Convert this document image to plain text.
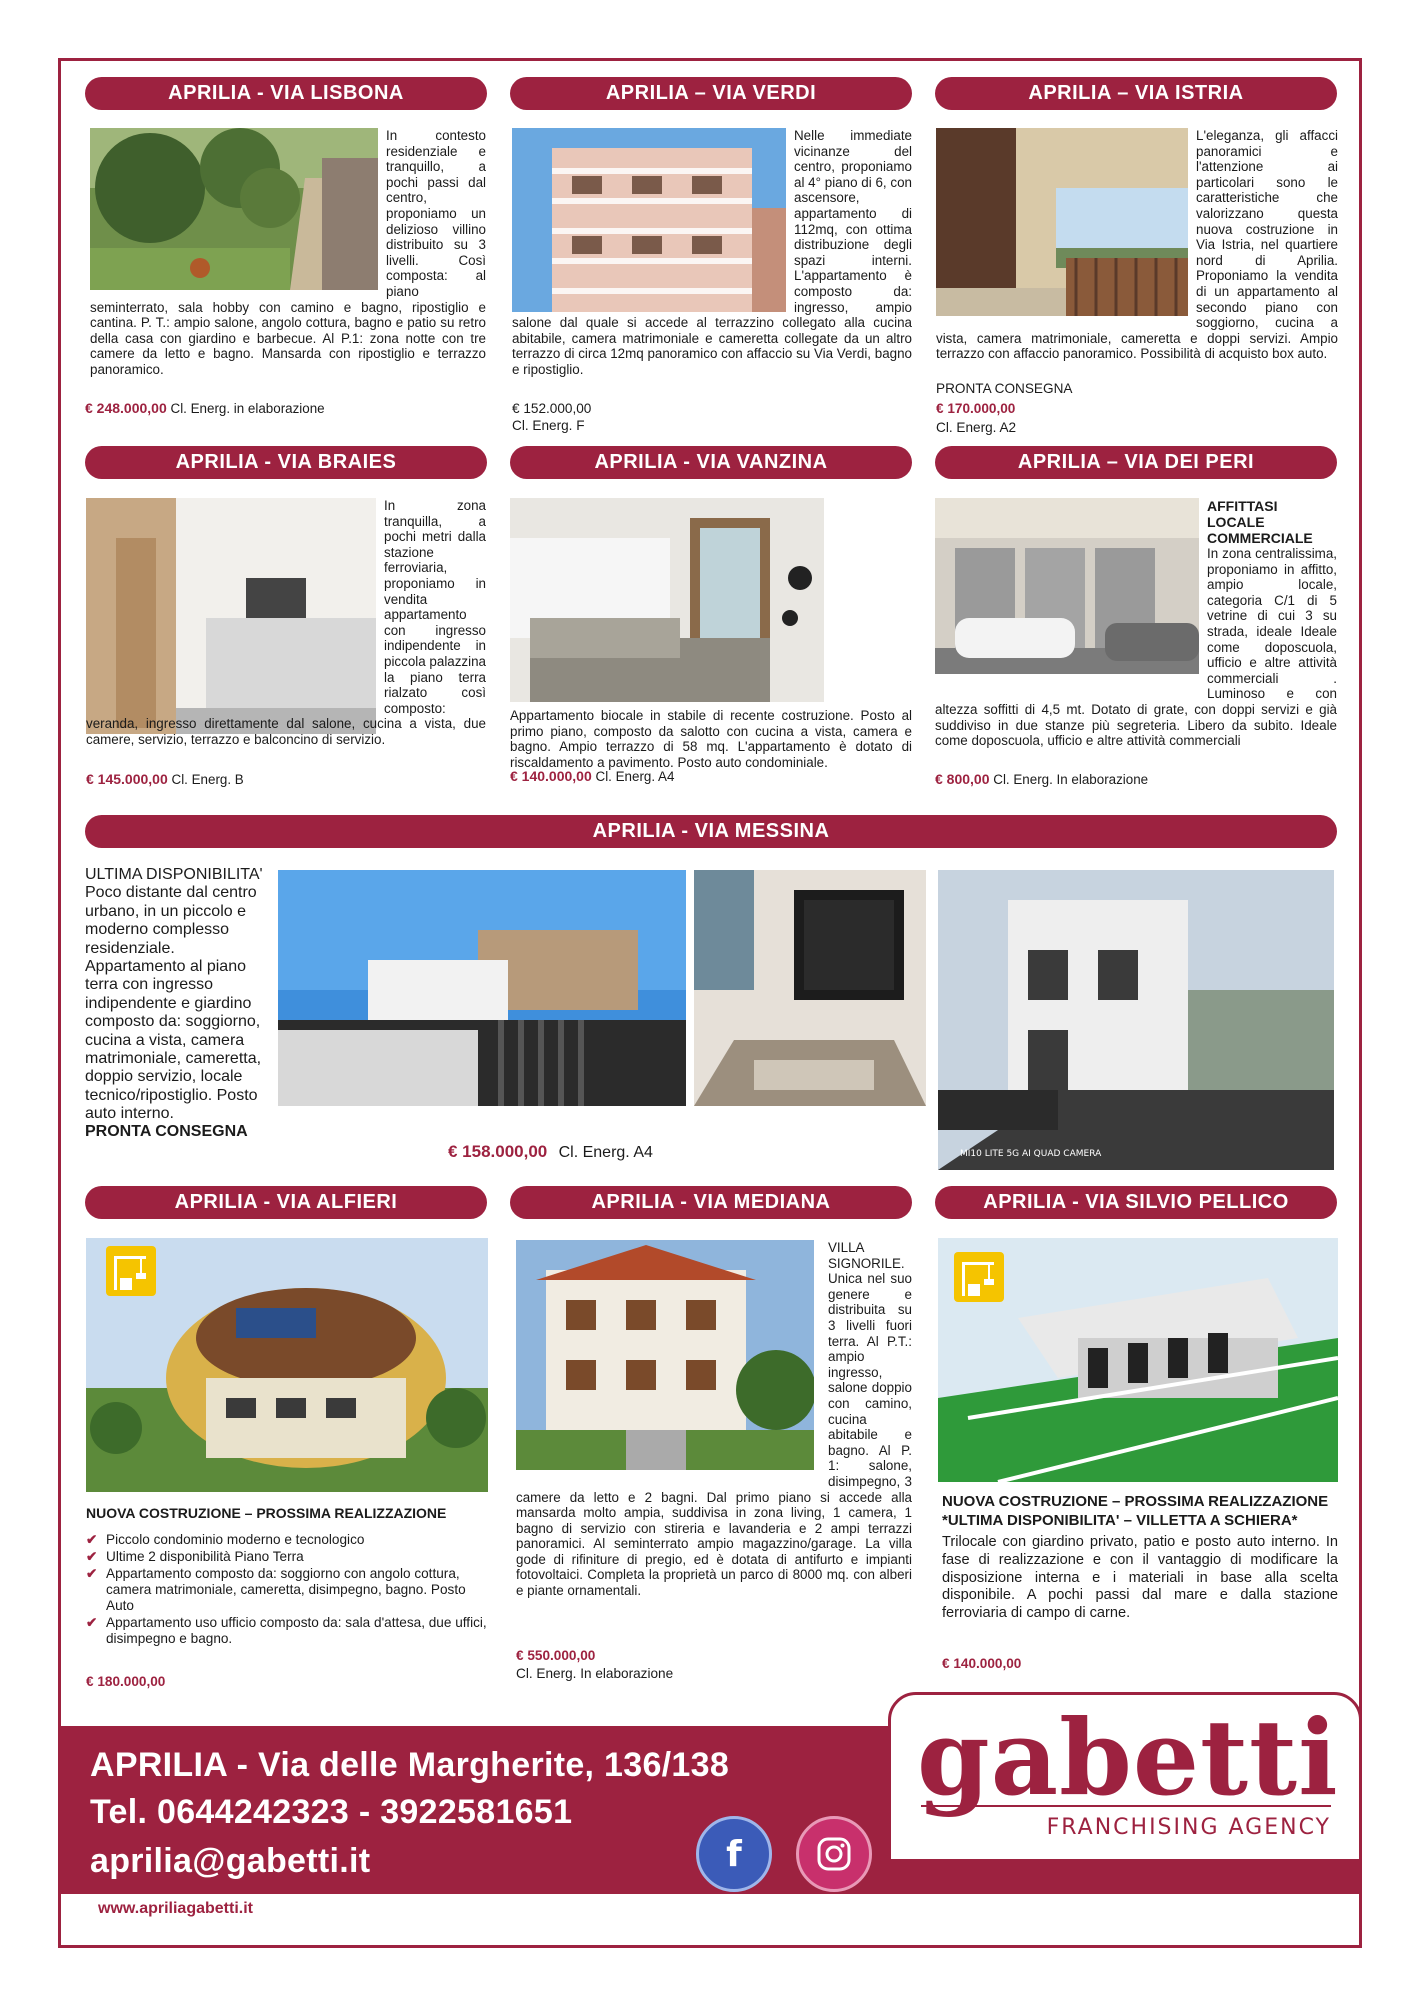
APRILIA - VIA LISBONA
In contesto residenziale e tranquillo, a pochi passi dal centro, proponiamo un delizioso villino distribuito su 3 livelli. Così composta: al piano seminterrato, sala hobby con camino e bagno, ripostiglio e cantina. P. T.: ampio salone, angolo cottura, bagno e patio su retro della casa con giardino e barbecue. Al P.1: zona notte con tre camere da letto e bagno. Mansarda con ripostiglio e terrazzo panoramico.
€ 248.000,00 Cl. Energ. in elaborazione
APRILIA – VIA VERDI
Nelle immediate vicinanze del centro, proponiamo al 4° piano di 6, con ascensore, appartamento di 112mq, con ottima distribuzione degli spazi interni. L'appartamento è composto da: ingresso, ampio salone dal quale si accede al terrazzino collegato alla cucina abitabile, camera matrimoniale e cameretta collegate da un altro terrazzo di circa 12mq panoramico con affaccio su Via Verdi, bagno e ripostiglio.
€ 152.000,00
Cl. Energ. F
APRILIA – VIA ISTRIA
L'eleganza, gli affacci panoramici e l'attenzione ai particolari sono le caratteristiche che valorizzano questa nuova costruzione in Via Istria, nel quartiere nord di Aprilia. Proponiamo la vendita di un appartamento al secondo piano con soggiorno, cucina a vista, camera matrimoniale, cameretta e doppi servizi. Ampio terrazzo con affaccio panoramico. Possibilità di acquisto box auto.
PRONTA CONSEGNA
€ 170.000,00
Cl. Energ. A2
APRILIA - VIA BRAIES
In zona tranquilla, a pochi metri dalla stazione ferroviaria, proponiamo in vendita appartamento con ingresso indipendente in piccola palazzina la piano terra rialzato così composto: veranda, ingresso direttamente dal salone, cucina a vista, due camere, servizio, terrazzo e balconcino di servizio.
€ 145.000,00 Cl. Energ. B
APRILIA - VIA VANZINA
Appartamento biocale in stabile di recente costruzione. Posto al primo piano, composto da salotto con cucina a vista, camera e bagno. Ampio terrazzo di 58 mq. L'appartamento è dotato di riscaldamento a pavimento. Posto auto condominiale.
€ 140.000,00 Cl. Energ. A4
APRILIA – VIA DEI PERI
AFFITTASI LOCALE COMMERCIALE
In zona centralissima, proponiamo in affitto, ampio locale, categoria C/1 di 5 vetrine di cui 3 su strada, ideale Ideale come doposcuola, ufficio e altre attività commerciali . Luminoso e con altezza soffitti di 4,5 mt. Dotato di grate, con doppi servizi e già suddiviso in due stanze più segreteria. Libero da subito. Ideale come doposcuola, ufficio e altre attività commerciali
€ 800,00 Cl. Energ. In elaborazione
APRILIA - VIA MESSINA
ULTIMA DISPONIBILITA'
Poco distante dal centro urbano, in un piccolo e moderno complesso residenziale. Appartamento al piano terra con ingresso indipendente e giardino composto da: soggiorno, cucina a vista, camera matrimoniale, cameretta, doppio servizio, locale tecnico/ripostiglio. Posto auto interno.
PRONTA CONSEGNA
MI10 LITE 5G AI QUAD CAMERA
€ 158.000,00 Cl. Energ. A4
APRILIA - VIA ALFIERI
NUOVA COSTRUZIONE – PROSSIMA REALIZZAZIONE
✔ Piccolo condominio moderno e tecnologico
✔ Ultime 2 disponibilità Piano Terra
✔ Appartamento composto da: soggiorno con angolo cottura, camera matrimoniale, cameretta, disimpegno, bagno. Posto Auto
✔ Appartamento uso ufficio composto da: sala d'attesa, due uffici, disimpegno e bagno.
€ 180.000,00
APRILIA - VIA MEDIANA
VILLA SIGNORILE.
Unica nel suo genere e distribuita su 3 livelli fuori terra. Al P.T.: ampio ingresso, salone doppio con camino, cucina abitabile e bagno. Al P. 1: salone, disimpegno, 3 camere da letto e 2 bagni. Dal primo piano si accede alla mansarda molto ampia, suddivisa in zona living, 1 camera, 1 bagno di servizio con stireria e lavanderia e 2 ampi terrazzi panoramici. Al seminterrato ampio magazzino/garage. La villa gode di rifiniture di pregio, ed è dotata di antifurto e impianti fotovoltaici. Completa la proprietà un parco di 8000 mq. con alberi e piante ornamentali.
€ 550.000,00
Cl. Energ. In elaborazione
APRILIA - VIA SILVIO PELLICO
NUOVA COSTRUZIONE – PROSSIMA REALIZZAZIONE
*ULTIMA DISPONIBILITA' – VILLETTA A SCHIERA*
Trilocale con giardino privato, patio e posto auto interno. In fase di realizzazione e con il vantaggio di modificare la disposizione interna e i materiali in base alla scelta disponibile. A pochi passi dal mare e dalla stazione ferroviaria di campo di carne.
€ 140.000,00
APRILIA - Via delle Margherite, 136/138
Tel. 0644242323 - 3922581651
aprilia@gabetti.it	f
gabetti
FRANCHISING AGENCY
www.apriliagabetti.it
